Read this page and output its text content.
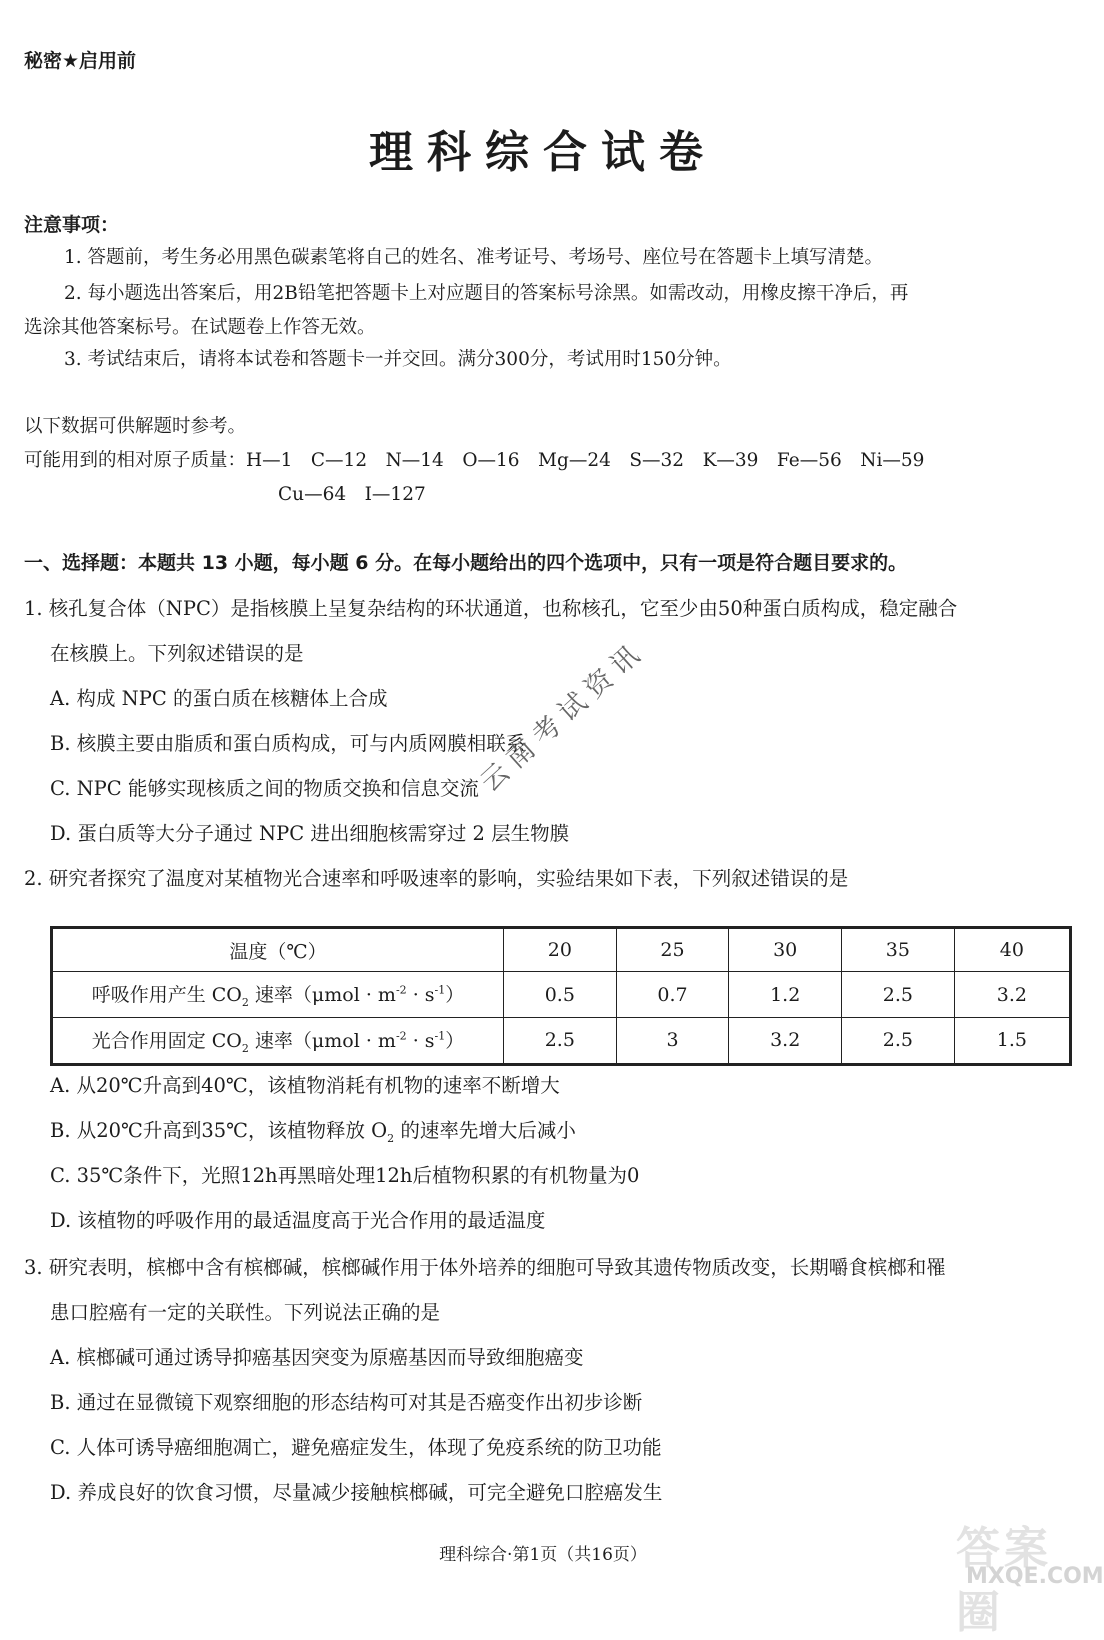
秘密★启用前
理科综合试卷
注意事项：
1. 答题前，考生务必用黑色碳素笔将自己的姓名、准考证号、考场号、座位号在答题卡上填写清楚。
2. 每小题选出答案后，用2B铅笔把答题卡上对应题目的答案标号涂黑。如需改动，用橡皮擦干净后，再
选涂其他答案标号。在试题卷上作答无效。
3. 考试结束后，请将本试卷和答题卡一并交回。满分300分，考试用时150分钟。
以下数据可供解题时参考。
可能用到的相对原子质量：H—1　C—12　N—14　O—16　Mg—24　S—32　K—39　Fe—56　Ni—59
Cu—64　I—127
一、选择题：本题共 13 小题，每小题 6 分。在每小题给出的四个选项中，只有一项是符合题目要求的。
1. 核孔复合体（NPC）是指核膜上呈复杂结构的环状通道，也称核孔，它至少由50种蛋白质构成，稳定融合
在核膜上。下列叙述错误的是
A. 构成 NPC 的蛋白质在核糖体上合成
B. 核膜主要由脂质和蛋白质构成，可与内质网膜相联系
C. NPC 能够实现核质之间的物质交换和信息交流
D. 蛋白质等大分子通过 NPC 进出细胞核需穿过 2 层生物膜
2. 研究者探究了温度对某植物光合速率和呼吸速率的影响，实验结果如下表，下列叙述错误的是
温度（℃）	20	25	30	35	40
呼吸作用产生 $CO_2$ 速率$(\mu mol \cdot m^{-2} \cdot s^{-1})$	0.5	0.7	1.2	2.5	3.2
光合作用固定 $CO_2$ 速率$(\mu mol \cdot m^{-2} \cdot s^{-1})$	2.5	3	3.2	2.5	1.5
A. 从20℃升高到40℃，该植物消耗有机物的速率不断增大
B. 从20℃升高到35℃，该植物释放 $O_2$ 的速率先增大后减小
C. 35℃条件下，光照12h再黑暗处理12h后植物积累的有机物量为0
D. 该植物的呼吸作用的最适温度高于光合作用的最适温度
3. 研究表明，槟榔中含有槟榔碱，槟榔碱作用于体外培养的细胞可导致其遗传物质改变，长期嚼食槟榔和罹
患口腔癌有一定的关联性。下列说法正确的是
A. 槟榔碱可通过诱导抑癌基因突变为原癌基因而导致细胞癌变
B. 通过在显微镜下观察细胞的形态结构可对其是否癌变作出初步诊断
C. 人体可诱导癌细胞凋亡，避免癌症发生，体现了免疫系统的防卫功能
D. 养成良好的饮食习惯，尽量减少接触槟榔碱，可完全避免口腔癌发生
云南考试资讯
理科综合·第1页（共16页）	答案圈
MXQE.COM
